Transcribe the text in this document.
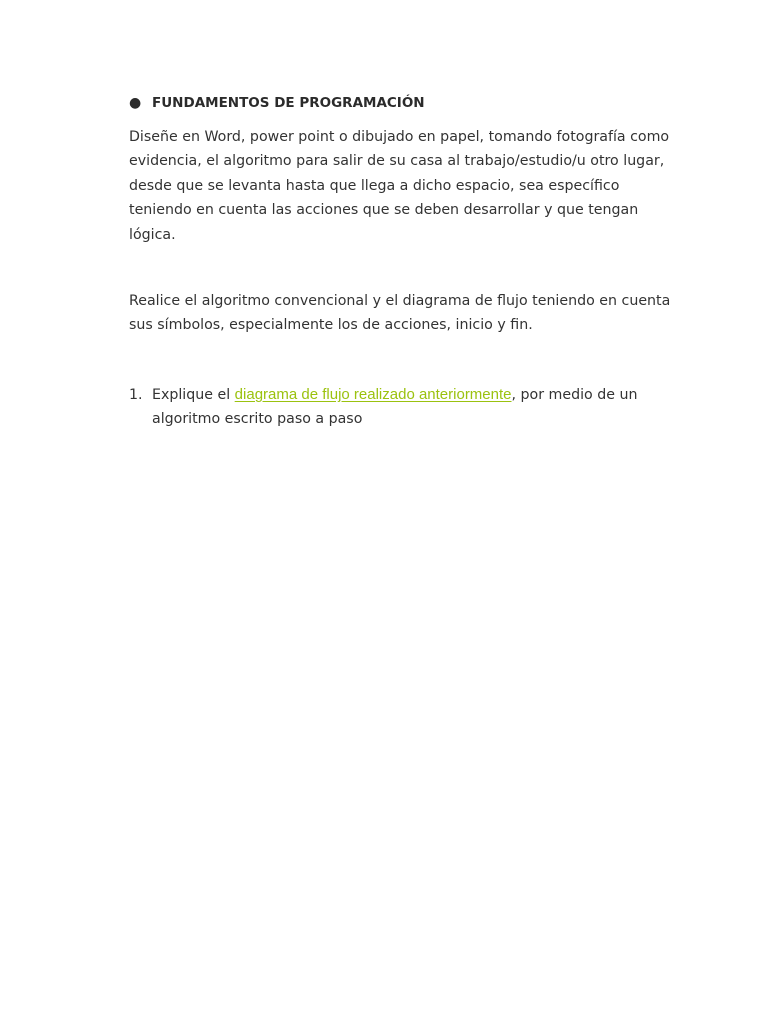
● FUNDAMENTOS DE PROGRAMACIÓN

Diseñe en Word, power point o dibujado en papel, tomando fotografía como evidencia, el algoritmo para salir de su casa al trabajo/estudio/u otro lugar, desde que se levanta hasta que llega a dicho espacio, sea específico teniendo en cuenta las acciones que se deben desarrollar y que tengan lógica.

Realice el algoritmo convencional y el diagrama de flujo teniendo en cuenta sus símbolos, especialmente los de acciones, inicio y fin.

1. Explique el diagrama de flujo realizado anteriormente, por medio de un algoritmo escrito paso a paso
